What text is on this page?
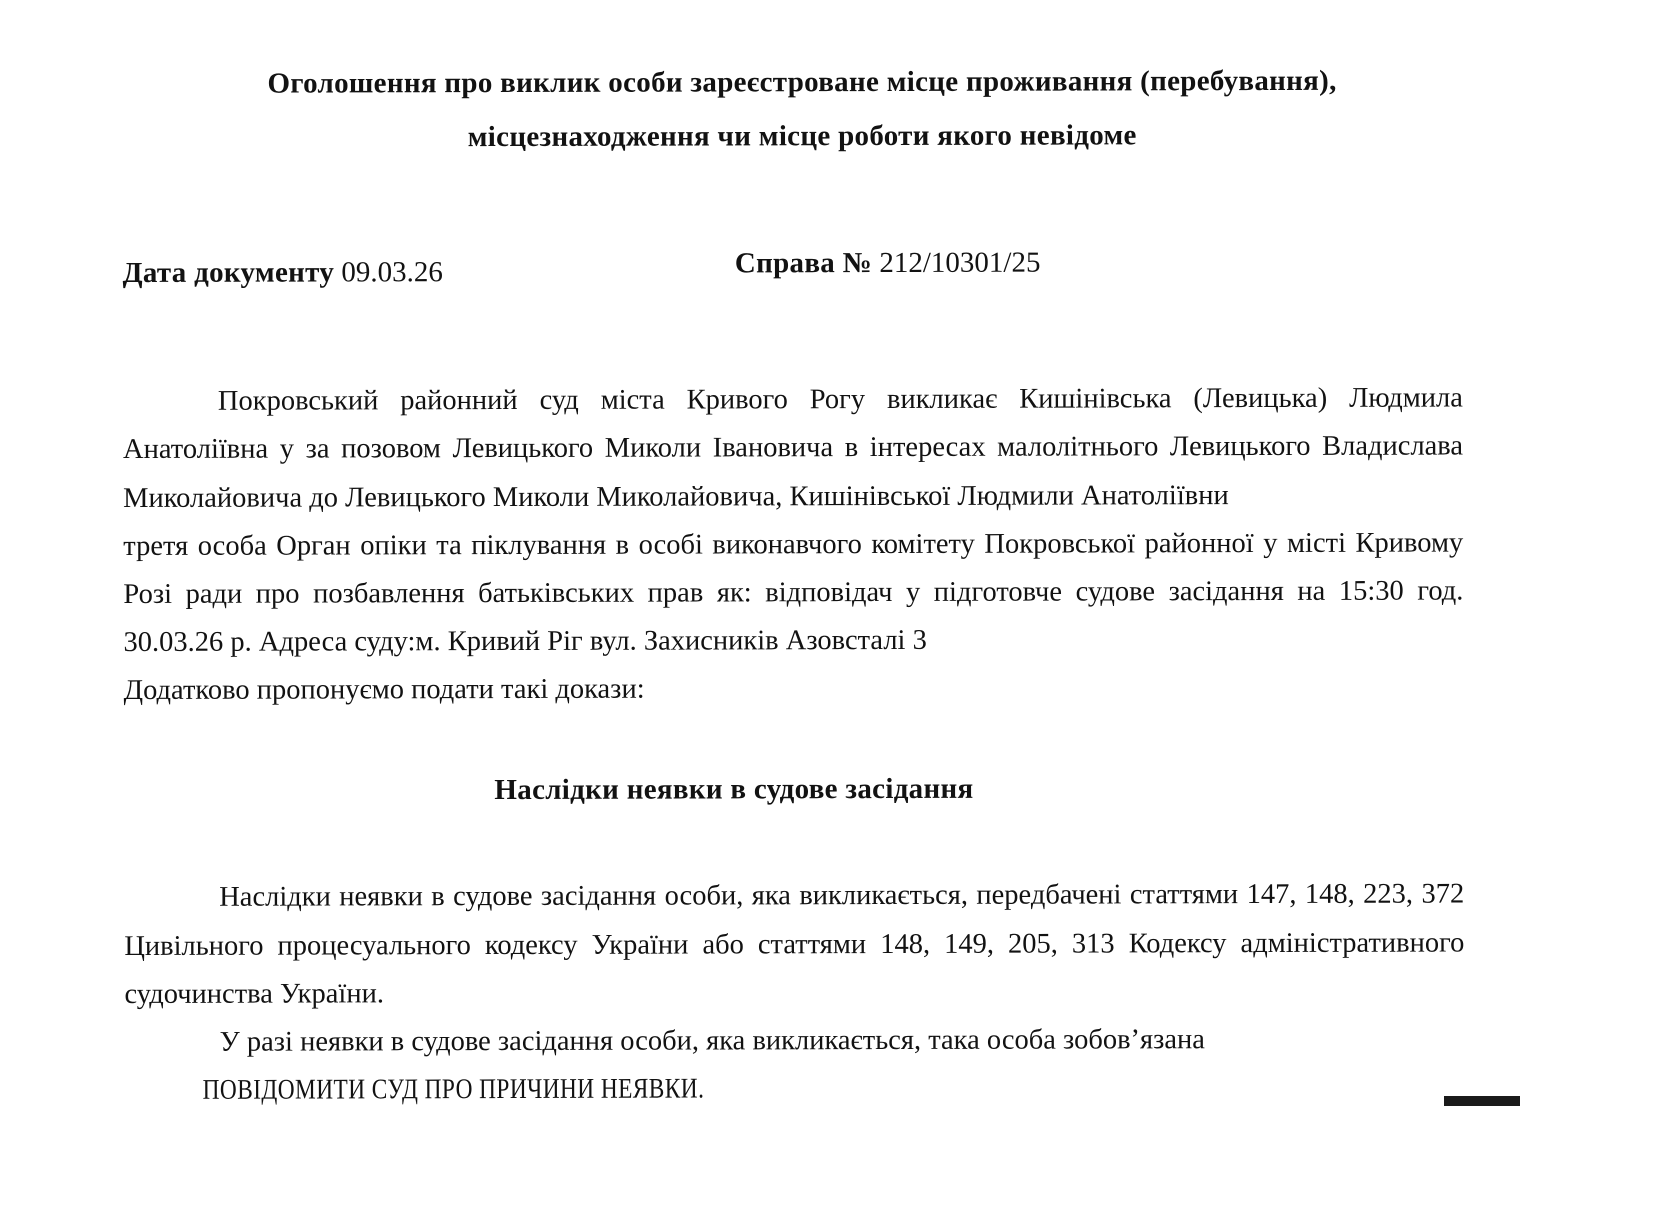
Оголошення про виклик особи зареєстроване місце проживання (перебування),
місцезнаходження чи місце роботи якого невідоме
Дата документу 09.03.26	Справа № 212/10301/25

Покровський районний суд міста Кривого Рогу викликає Кишінівська (Левицька) Людмила Анатоліївна у за позовом Левицького Миколи Івановича в інтересах малолітнього Левицького Владислава Миколайовича до Левицького Миколи Миколайовича, Кишінівської Людмили Анатоліївни

третя особа Орган опіки та піклування в особі виконавчого комітету Покровської районної у місті Кривому Розі ради про позбавлення батьківських прав як: відповідач у підготовче судове засідання на 15:30 год. 30.03.26 р. Адреса суду:м. Кривий Ріг вул. Захисників Азовсталі 3

Додатково пропонуємо подати такі докази:

Наслідки неявки в судове засідання

Наслідки неявки в судове засідання особи, яка викликається, передбачені статтями 147, 148, 223, 372 Цивільного процесуального кодексу України або статтями 148, 149, 205, 313 Кодексу адміністративного судочинства України.

У разі неявки в судове засідання особи, яка викликається, така особа зобов’язана
ПОВІДОМИТИ СУД ПРО ПРИЧИНИ НЕЯВКИ.
